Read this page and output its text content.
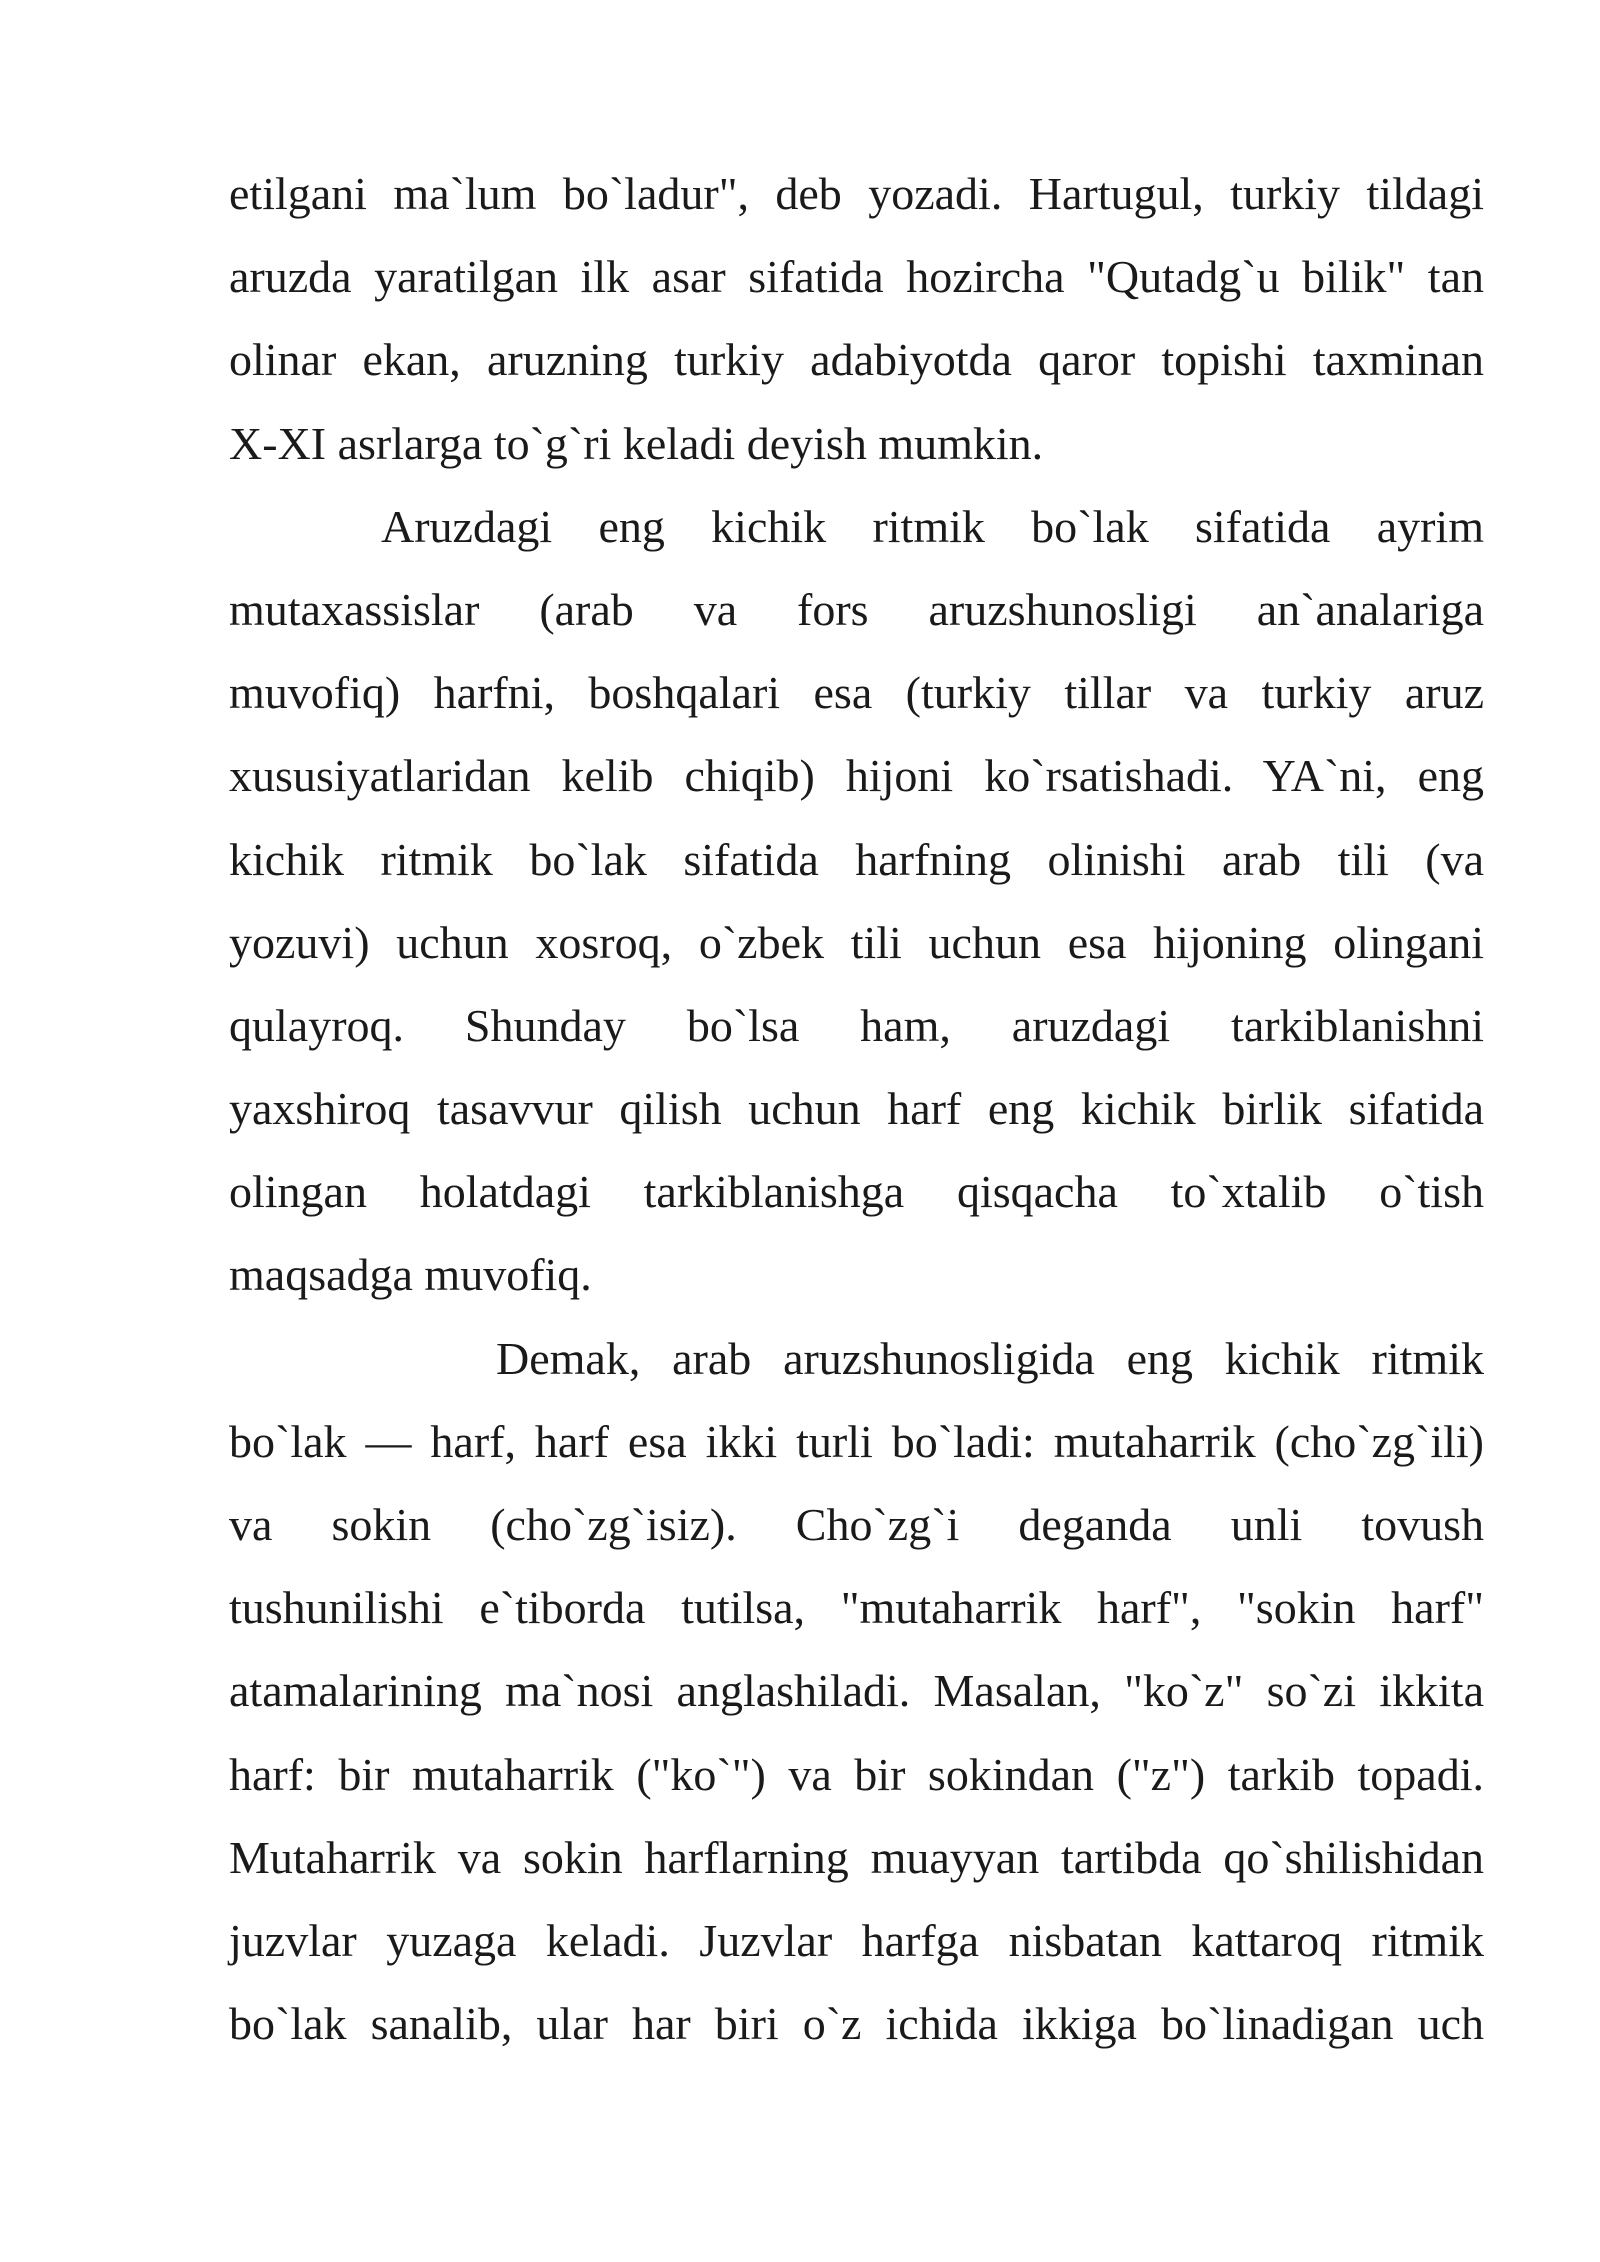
etilgani ma`lum bo`ladur", deb yozadi. Hartugul, turkiy tildagi
aruzda yaratilgan ilk asar sifatida hozircha "Qutadg`u bilik" tan
olinar ekan, aruzning turkiy adabiyotda qaror topishi taxminan
X-XI asrlarga to`g`ri keladi deyish mumkin.
Aruzdagi eng kichik ritmik bo`lak sifatida ayrim
mutaxassislar (arab va fors aruzshunosligi an`analariga
muvofiq) harfni, boshqalari esa (turkiy tillar va turkiy aruz
xususiyatlaridan kelib chiqib) hijoni ko`rsatishadi. YA`ni, eng
kichik ritmik bo`lak sifatida harfning olinishi arab tili (va
yozuvi) uchun xosroq, o`zbek tili uchun esa hijoning olingani
qulayroq. Shunday bo`lsa ham, aruzdagi tarkiblanishni
yaxshiroq tasavvur qilish uchun harf eng kichik birlik sifatida
olingan holatdagi tarkiblanishga qisqacha to`xtalib o`tish
maqsadga muvofiq.
Demak, arab aruzshunosligida eng kichik ritmik
bo`lak — harf, harf esa ikki turli bo`ladi: mutaharrik (cho`zg`ili)
va sokin (cho`zg`isiz). Cho`zg`i deganda unli tovush
tushunilishi e`tiborda tutilsa, "mutaharrik harf", "sokin harf"
atamalarining ma`nosi anglashiladi. Masalan, "ko`z" so`zi ikkita
harf: bir mutaharrik ("ko`") va bir sokindan ("z") tarkib topadi.
Mutaharrik va sokin harflarning muayyan tartibda qo`shilishidan
juzvlar yuzaga keladi. Juzvlar harfga nisbatan kattaroq ritmik
bo`lak sanalib, ular har biri o`z ichida ikkiga bo`linadigan uch
